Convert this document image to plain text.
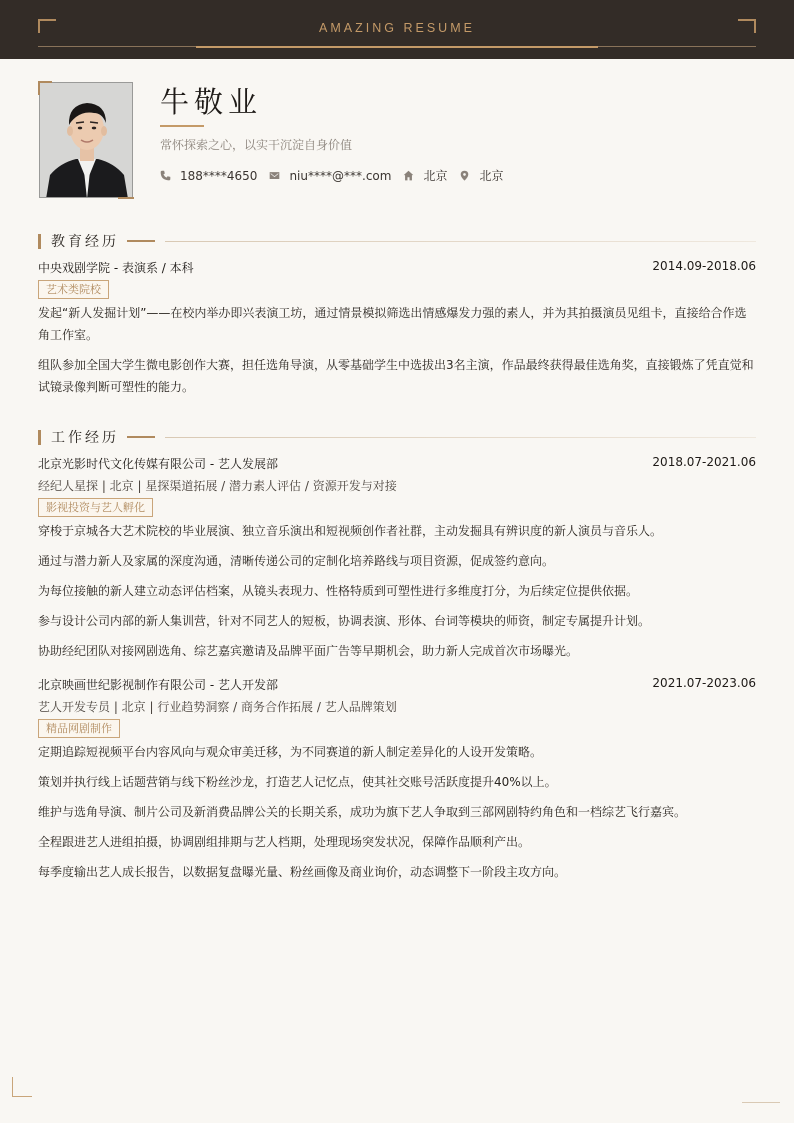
AMAZING RESUME
牛敬业
常怀探索之心，以实干沉淀自身价值
188****4650	niu****@***.com	北京	北京
教育经历
中央戏剧学院 - 表演系 / 本科	2014.09-2018.06
艺术类院校
发起“新人发掘计划”——在校内举办即兴表演工坊，通过情景模拟筛选出情感爆发力强的素人，并为其拍摄演员见组卡，直接给合作选角工作室。
组队参加全国大学生微电影创作大赛，担任选角导演，从零基础学生中选拔出3名主演，作品最终获得最佳选角奖，直接锻炼了凭直觉和试镜录像判断可塑性的能力。
工作经历
北京光影时代文化传媒有限公司 - 艺人发展部	2018.07-2021.06
经纪人星探 | 北京 | 星探渠道拓展 / 潜力素人评估 / 资源开发与对接
影视投资与艺人孵化
穿梭于京城各大艺术院校的毕业展演、独立音乐演出和短视频创作者社群，主动发掘具有辨识度的新人演员与音乐人。
通过与潜力新人及家属的深度沟通，清晰传递公司的定制化培养路线与项目资源，促成签约意向。
为每位接触的新人建立动态评估档案，从镜头表现力、性格特质到可塑性进行多维度打分，为后续定位提供依据。
参与设计公司内部的新人集训营，针对不同艺人的短板，协调表演、形体、台词等模块的师资，制定专属提升计划。
协助经纪团队对接网剧选角、综艺嘉宾邀请及品牌平面广告等早期机会，助力新人完成首次市场曝光。
北京映画世纪影视制作有限公司 - 艺人开发部	2021.07-2023.06
艺人开发专员 | 北京 | 行业趋势洞察 / 商务合作拓展 / 艺人品牌策划
精品网剧制作
定期追踪短视频平台内容风向与观众审美迁移，为不同赛道的新人制定差异化的人设开发策略。
策划并执行线上话题营销与线下粉丝沙龙，打造艺人记忆点，使其社交账号活跃度提升40%以上。
维护与选角导演、制片公司及新消费品牌公关的长期关系，成功为旗下艺人争取到三部网剧特约角色和一档综艺飞行嘉宾。
全程跟进艺人进组拍摄，协调剧组排期与艺人档期，处理现场突发状况，保障作品顺利产出。
每季度输出艺人成长报告，以数据复盘曝光量、粉丝画像及商业询价，动态调整下一阶段主攻方向。
